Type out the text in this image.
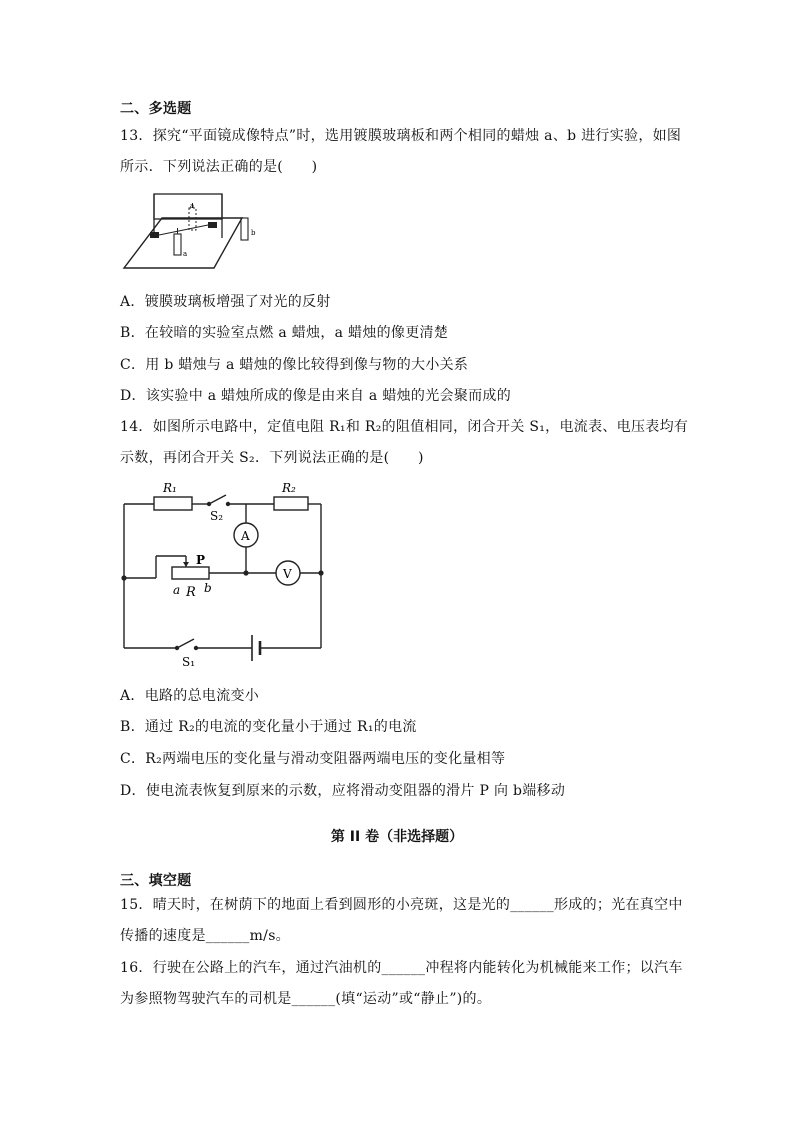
二、多选题
13．探究“平面镜成像特点”时，选用镀膜玻璃板和两个相同的蜡烛 a、b 进行实验，如图
所示．下列说法正确的是(　　)
a
a
b
A．镀膜玻璃板增强了对光的反射
B．在较暗的实验室点燃 a 蜡烛，a 蜡烛的像更清楚
C．用 b 蜡烛与 a 蜡烛的像比较得到像与物的大小关系
D．该实验中 a 蜡烛所成的像是由来自 a 蜡烛的光会聚而成的
14．如图所示电路中，定值电阻 R₁和 R₂的阻值相同，闭合开关 S₁，电流表、电压表均有
示数，再闭合开关 S₂．下列说法正确的是(　　)
R₁	R₂
S₂
A
V
P
a R b
S₁
A．电路的总电流变小
B．通过 R₂的电流的变化量小于通过 R₁的电流
C．R₂两端电压的变化量与滑动变阻器两端电压的变化量相等
D．使电流表恢复到原来的示数，应将滑动变阻器的滑片 P 向 b端移动
第 II 卷（非选择题）
三、填空题
15．晴天时，在树荫下的地面上看到圆形的小亮斑，这是光的______形成的；光在真空中
传播的速度是______m/s。
16．行驶在公路上的汽车，通过汽油机的______冲程将内能转化为机械能来工作；以汽车
为参照物驾驶汽车的司机是______(填“运动”或“静止”)的。
